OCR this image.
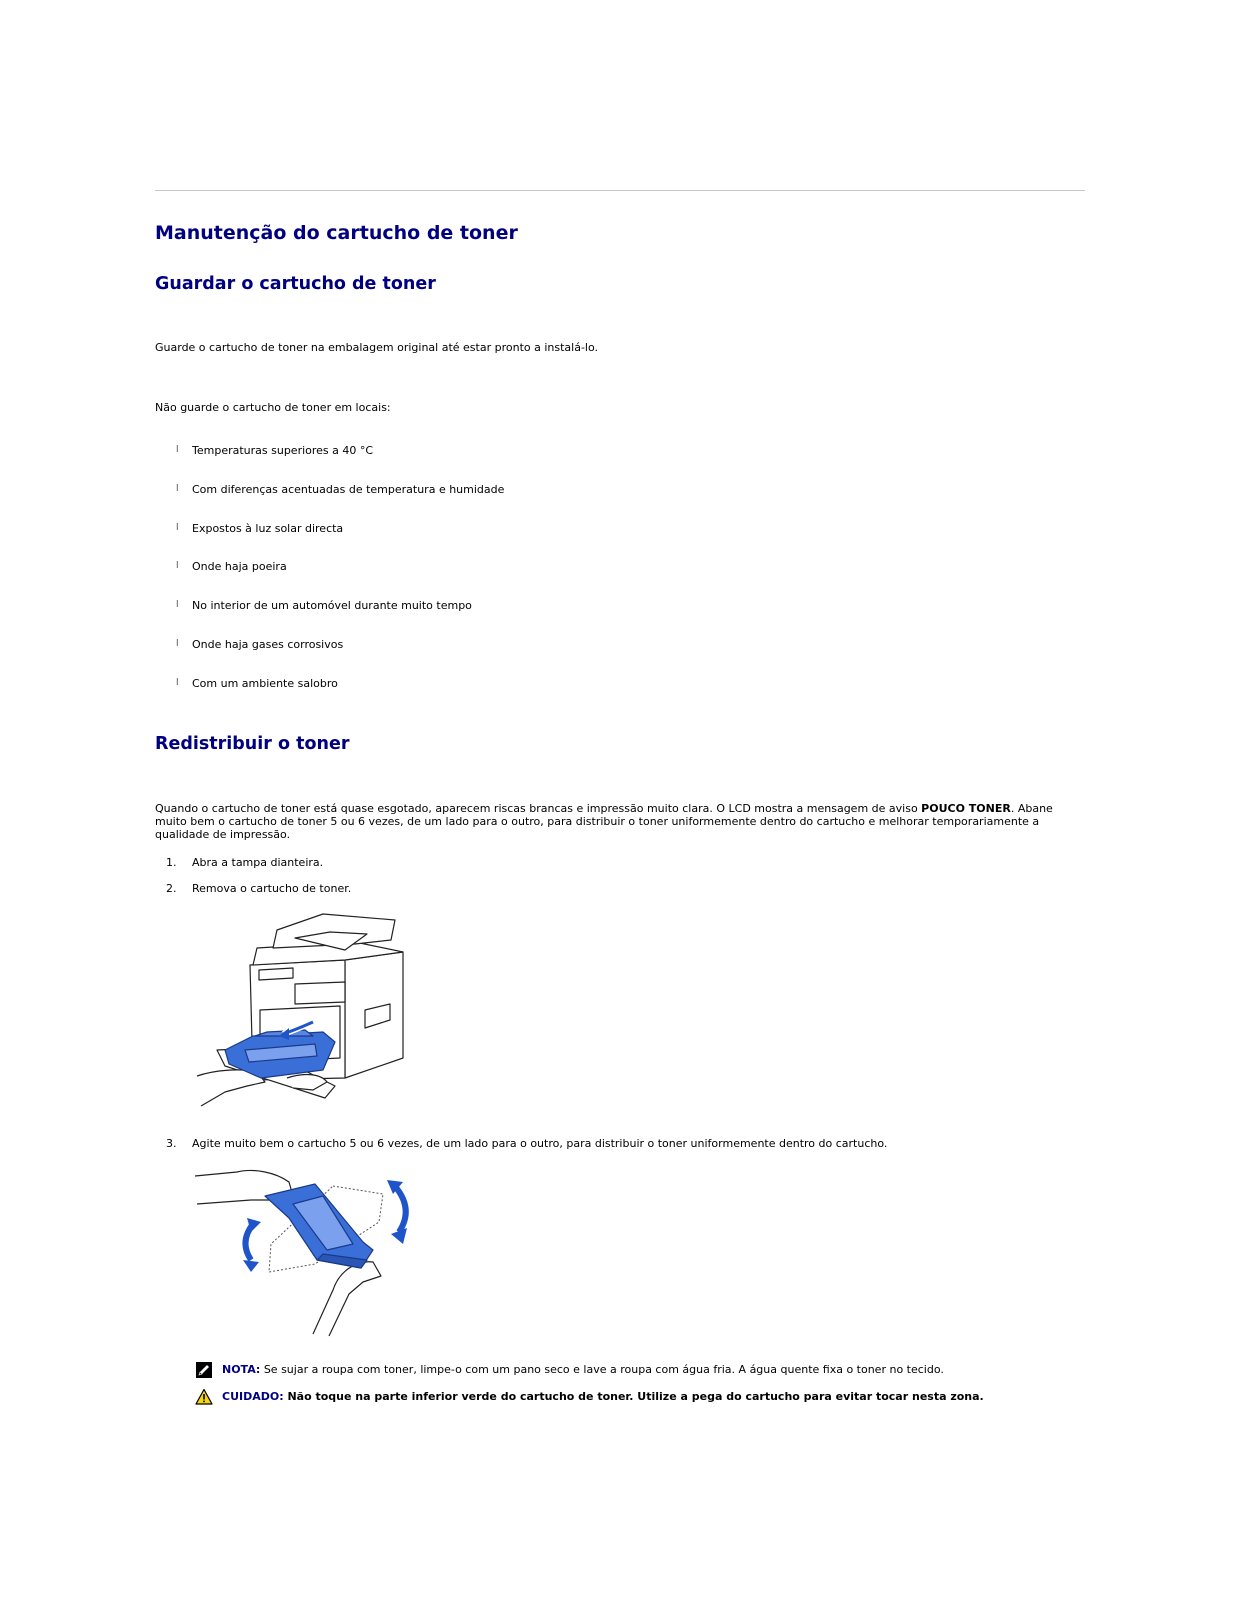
Manutenção do cartucho de toner
Guardar o cartucho de toner

Guarde o cartucho de toner na embalagem original até estar pronto a instalá-lo.

Não guarde o cartucho de toner em locais:

l Temperaturas superiores a 40 °C
l Com diferenças acentuadas de temperatura e humidade
l Expostos à luz solar directa
l Onde haja poeira
l No interior de um automóvel durante muito tempo
l Onde haja gases corrosivos
l Com um ambiente salobro
Redistribuir o toner

Quando o cartucho de toner está quase esgotado, aparecem riscas brancas e impressão muito clara. O LCD mostra a mensagem de aviso POUCO TONER. Abane muito bem o cartucho de toner 5 ou 6 vezes, de um lado para o outro, para distribuir o toner uniformemente dentro do cartucho e melhorar temporariamente a qualidade de impressão.

1. Abra a tampa dianteira.
2. Remova o cartucho de toner.
3. Agite muito bem o cartucho 5 ou 6 vezes, de um lado para o outro, para distribuir o toner uniformemente dentro do cartucho.
NOTA: Se sujar a roupa com toner, limpe-o com um pano seco e lave a roupa com água fria. A água quente fixa o toner no tecido.
CUIDADO: Não toque na parte inferior verde do cartucho de toner. Utilize a pega do cartucho para evitar tocar nesta zona.
